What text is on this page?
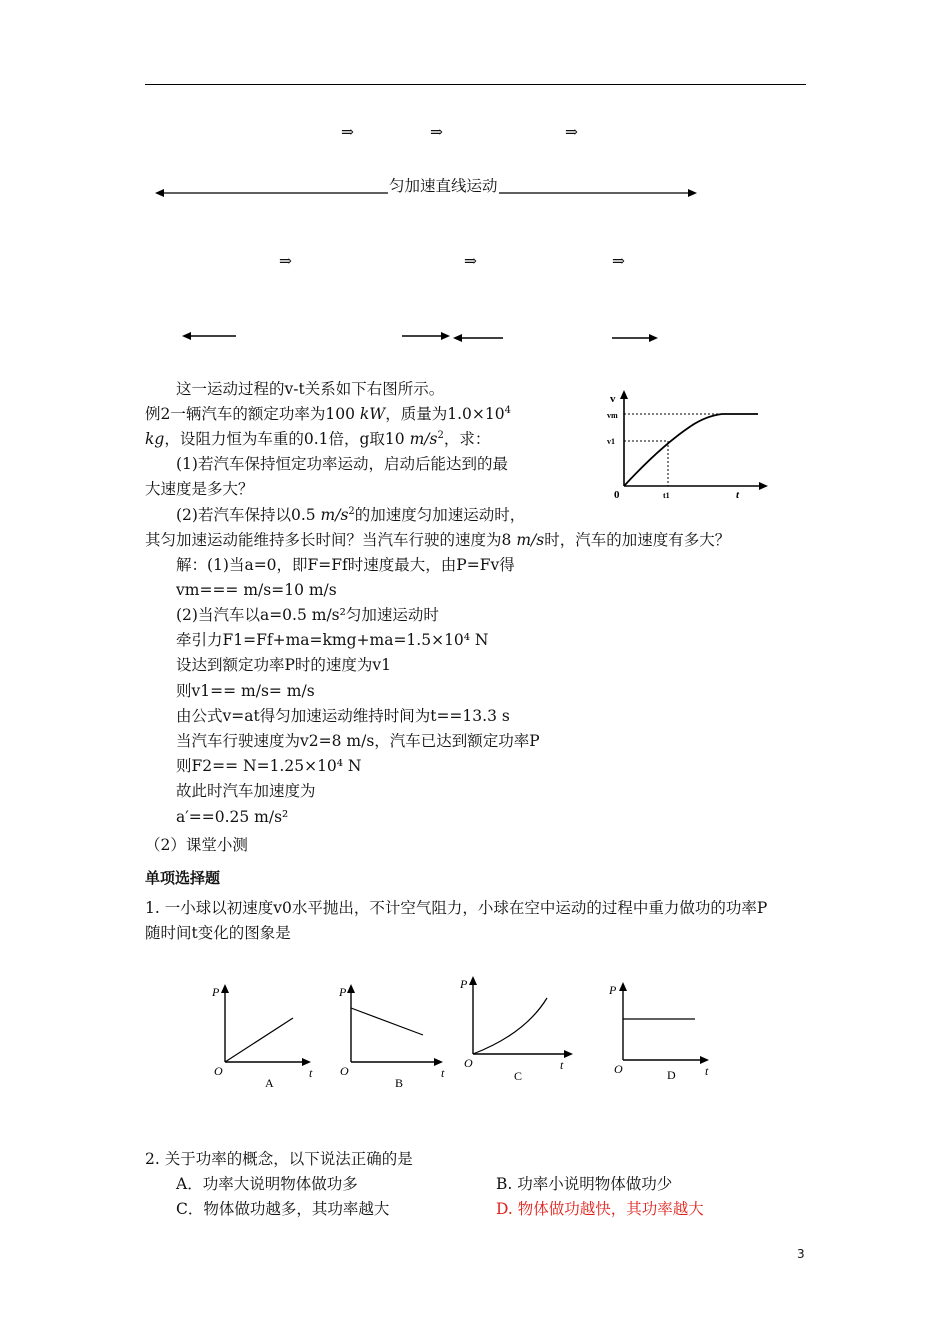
⇒	⇒	⇒
匀加速直线运动
⇒	⇒	⇒
这一运动过程的v-t关系如下右图所示。
例2一辆汽车的额定功率为100 kW，质量为$1.0\times 10^4$
kg，设阻力恒为车重的0.1倍，g取10 $m/s^2$，求：
(1)若汽车保持恒定功率运动，启动后能达到的最
大速度是多大？
(2)若汽车保持以0.5 $m/s^2$的加速度匀加速运动时，
其匀加速运动能维持多长时间？当汽车行驶的速度为8 m/s时，汽车的加速度有多大？
v
vm
v1
0	t1	t
解：(1)当a=0，即F=Ff时速度最大，由P=Fv得
vm=== m/s=10 m/s
(2)当汽车以a=0.5 m/s²匀加速运动时
牵引力F1=Ff+ma=kmg+ma=1.5×10⁴ N
设达到额定功率P时的速度为v1
则v1== m/s= m/s
由公式v=at得匀加速运动维持时间为t==13.3 s
当汽车行驶速度为v2=8 m/s，汽车已达到额定功率P
则F2== N=1.25×10⁴ N
故此时汽车加速度为
a′==0.25 m/s²
（2）课堂小测
单项选择题
1. 一小球以初速度v0水平抛出，不计空气阻力，小球在空中运动的过程中重力做功的功率P
随时间t变化的图象是
P
O	t
A
P
O	t
B
P
O	t
C
P
O	t
D
2. 关于功率的概念，以下说法正确的是
A．功率大说明物体做功多	B. 功率小说明物体做功少
C．物体做功越多，其功率越大	D. 物体做功越快，其功率越大
3
